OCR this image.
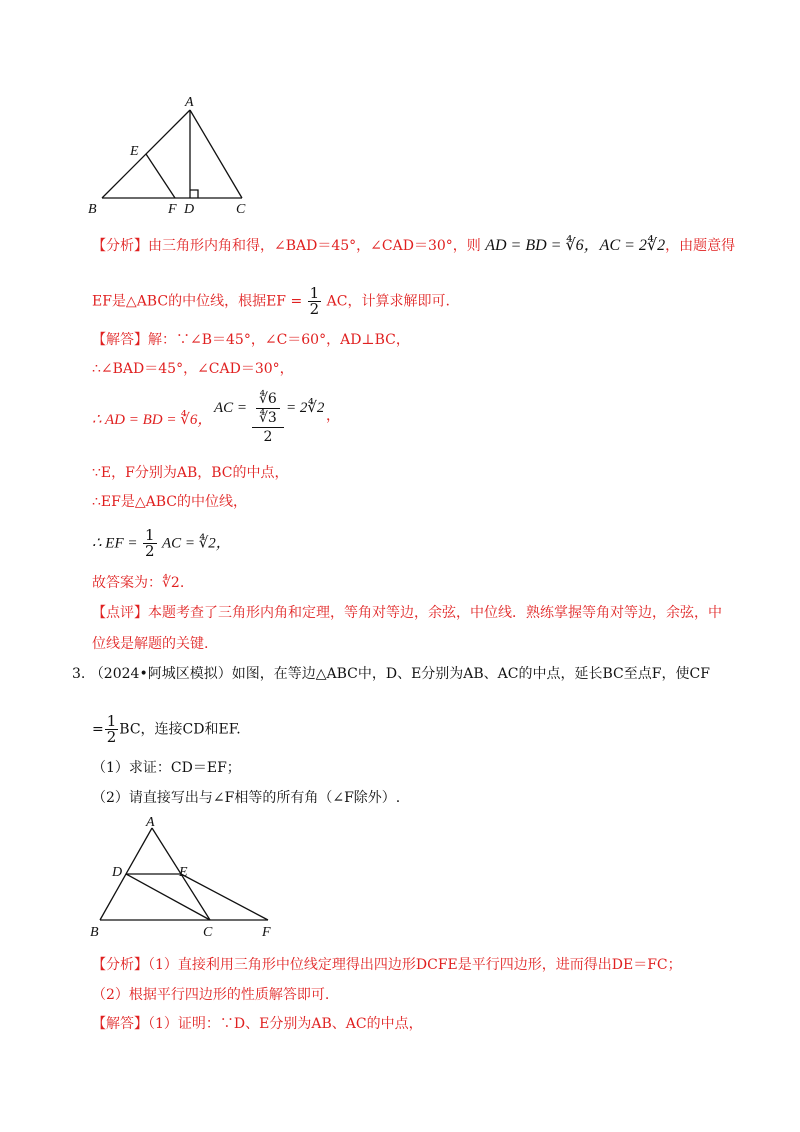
A
B	C
D
E
F
【分析】由三角形内角和得，∠BAD＝45°，∠CAD＝30°，则 AD = BD = ∜6，AC = 2∜2，由题意得
EF是△ABC的中位线，根据EF = $\frac{1}{2}$ AC，计算求解即可.
【解答】解：∵∠B＝45°，∠C＝60°，AD⊥BC，
∴∠BAD＝45°，∠CAD＝30°，
∴ AD = BD = ∜6，
AC = $\frac{\frac{∜6}{∜3}}{2}$ = 2∜2 ，
∵E，F分别为AB，BC的中点，
∴EF是△ABC的中位线，
∴ EF = $\frac{1}{2}$ AC = ∜2，
故答案为：∜2.
【点评】本题考查了三角形内角和定理，等角对等边，余弦，中位线．熟练掌握等角对等边，余弦，中
位线是解题的关键.
3. （2024•阿城区模拟）如图，在等边△ABC中，D、E分别为AB、AC的中点，延长BC至点F，使CF
= $\frac{1}{2}$ BC，连接CD和EF.
（1）求证：CD＝EF；
（2）请直接写出与∠F相等的所有角（∠F除外）.
A
B	C
D	E
F
【分析】（1）直接利用三角形中位线定理得出四边形DCFE是平行四边形，进而得出DE＝FC；
（2）根据平行四边形的性质解答即可.
【解答】（1）证明：∵D、E分别为AB、AC的中点，
